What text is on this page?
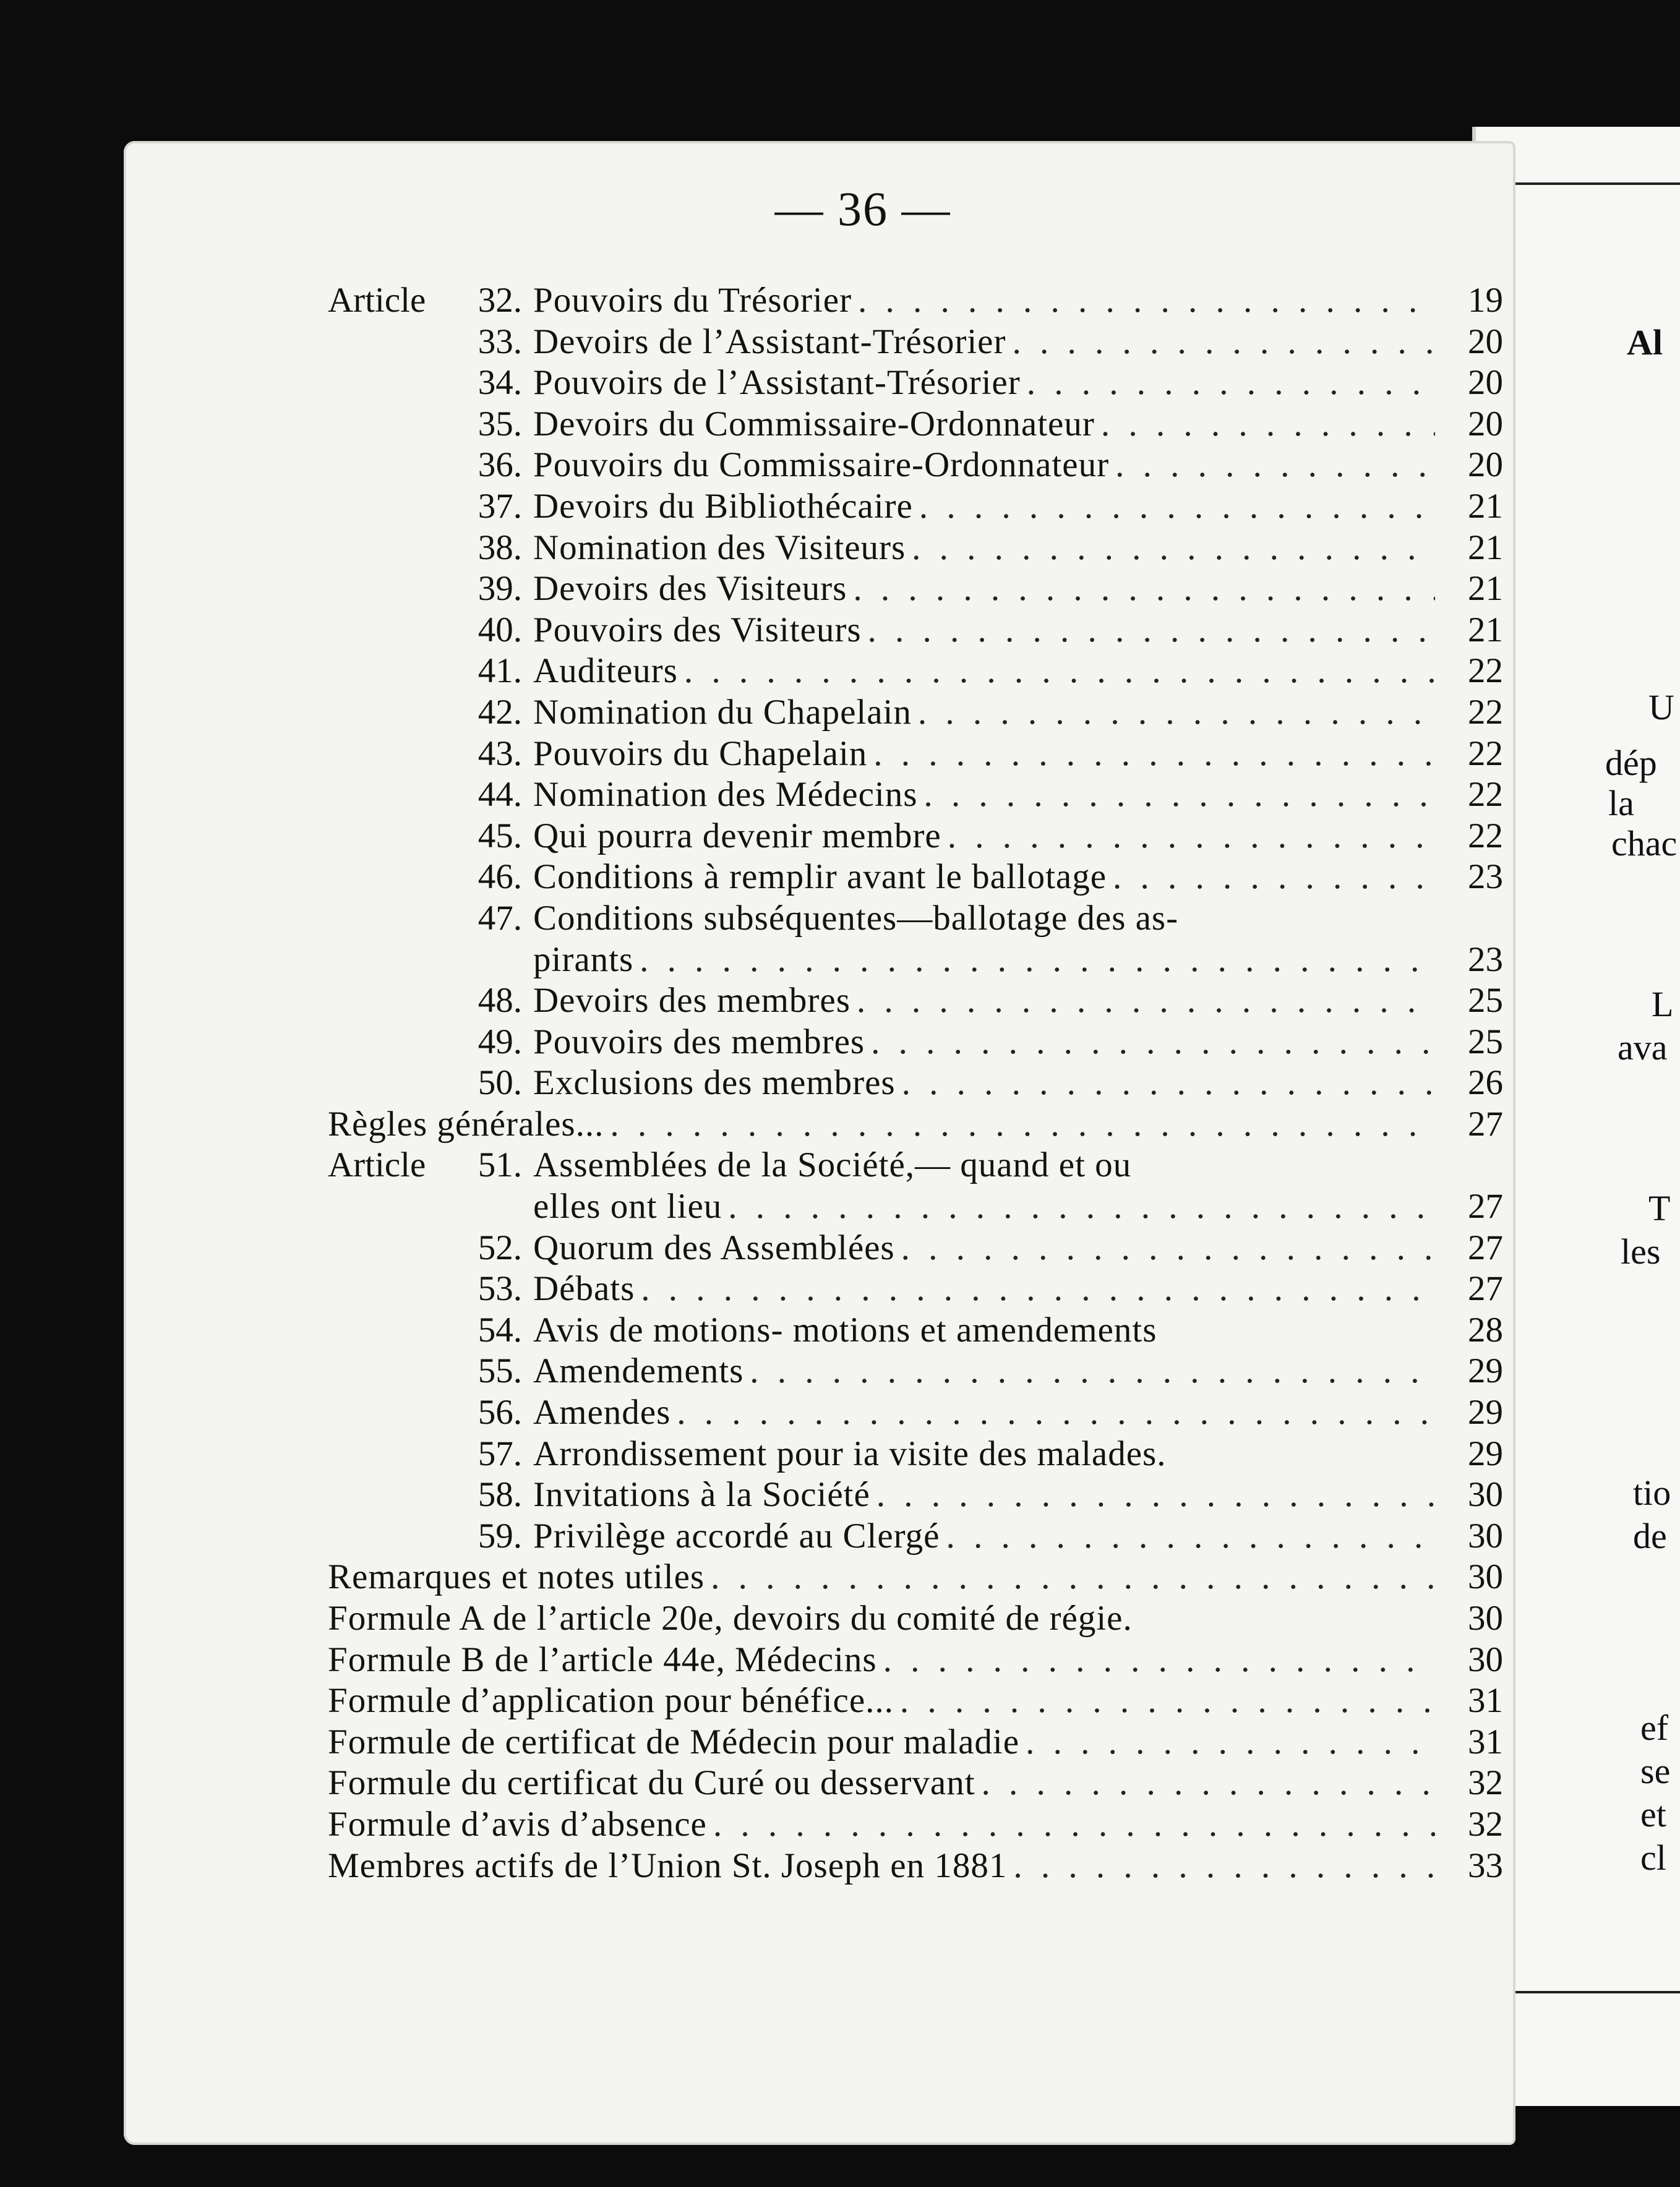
Al
U
dép
la
chac
L
ava
T
les
tio
de
ef
se
et
cl
— 36 —
Article	32. Pouvoirs du Trésorier . . .	19
33. Devoirs de l’Assistant-Trésorier . . .	20
34. Pouvoirs de l’Assistant-Trésorier . . .	20
35. Devoirs du Commissaire-Ordonnateur . . .	20
36. Pouvoirs du Commissaire-Ordonnateur . . .	20
37. Devoirs du Bibliothécaire . . .	21
38. Nomination des Visiteurs . . .	21
39. Devoirs des Visiteurs . . .	21
40. Pouvoirs des Visiteurs . . .	21
41. Auditeurs . . .	22
42. Nomination du Chapelain . . .	22
43. Pouvoirs du Chapelain . . .	22
44. Nomination des Médecins . . .	22
45. Qui pourra devenir membre . . .	22
46. Conditions à remplir avant le ballotage . . .	23
47. Conditions subséquentes—ballotage des as-
pirants . . .	23
48. Devoirs des membres . . .	25
49. Pouvoirs des membres . . .	25
50. Exclusions des membres . . .	26
Règles générales... . . .	27
Article	51. Assemblées de la Société,— quand et ou
elles ont lieu . . .	27
52. Quorum des Assemblées . . .	27
53. Débats . . .	27
54. Avis de motions- motions et amendements	28
55. Amendements . . .	29
56. Amendes . . .	29
57. Arrondissement pour ia visite des malades.	29
58. Invitations à la Société . . .	30
59. Privilège accordé au Clergé . . .	30
Remarques et notes utiles . . .	30
Formule A de l’article 20e, devoirs du comité de régie.	30
Formule B de l’article 44e, Médecins . . .	30
Formule d’application pour bénéfice... . . .	31
Formule de certificat de Médecin pour maladie . . .	31
Formule du certificat du Curé ou desservant . . .	32
Formule d’avis d’absence . . .	32
Membres actifs de l’Union St. Joseph en 1881 . . .	33
